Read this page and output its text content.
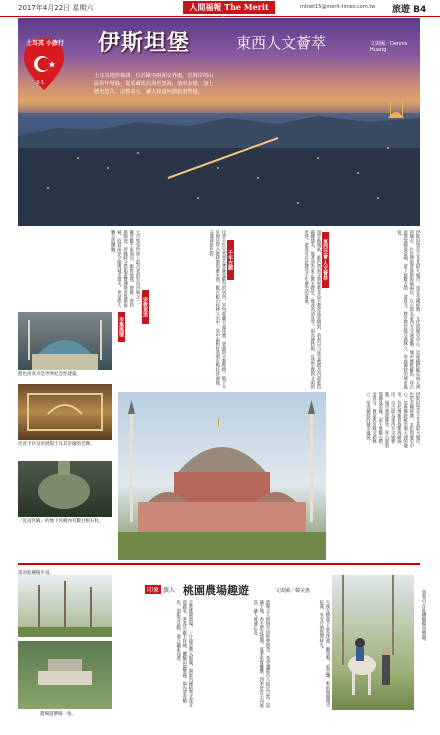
2017年4月22日 星期六	人間福報 The Merit	mtnet15@merit-times.com.tw 旅遊 B4
土耳其 小旅行
3-1
伊斯坦堡	東西人文薈萃	文與圖／Dennis Huang
土耳其地形複雜，位於歐亞兩洲交界處，近海岸的山區常年翠綠；從馬爾馬拉海至黑海，地形多變，加上歷史悠久、宗教多元，讓人知道何謂旅遊聖地。
伊斯坦堡是土耳其最大城市，也是全國經濟、文化與歷史中心。這座橫跨歐亞兩大洲的城市，位於博斯普魯斯海峽兩岸，自古即為東西方交通要衝。城市歷經羅馬、拜占庭與鄂圖曼帝國，留下無數古蹟，清真寺、教堂與宮殿交錯林立，形成獨特的城市風貌。
東西交會 人文薈萃
漫步舊城區，藍色清真寺與聖索菲亞大教堂遙遙相對，前者以六座宣禮塔及內部藍色磁磚聞名，後者原為東正教大教堂，後改為清真寺，現為博物館，見證宗教與文明的更迭。遊客可在此感受千年歷史的厚重。
千年古蹟
托普卡匹皇宮曾是鄂圖曼蘇丹的居所，宮內收藏大量珍寶、瓷器與宗教聖物。地下水宮則是拜占庭時期的蓄水池，數百根石柱林立水中，其中兩根柱基刻有梅杜莎頭像，充滿神祕色彩。
宗教更迭
大市集是世界上最古老的室內市場之一，擁有數千家商店，販售地毯、燈飾、香料與陶瓷。傍晚時分搭船遊覽博斯普魯斯海峽，欣賞兩岸夕陽與城市燈火，更是旅人難忘的體驗。
市集風情
伊斯坦堡是土耳其最大城市，也是全國經濟、文化與歷史中心。這座橫跨歐亞兩大洲的城市，位於博斯普魯斯海峽兩岸，自古即為東西方交通要衝。城市歷經羅馬、拜占庭與鄂圖曼帝國，留下無數古蹟，清真寺、教堂與宮殿交錯林立，形成獨特的城市風貌。
藍色清真寺是世界紀念性建築。
托普卡匹皇宮展現土耳其帝國的光輝。
「沉浸宮殿」的地下宮殿內有數百根石柱。
落羽松種植步道。
農場遊樂場一角。
印象 旅人 桃園農場趣遊	文與圖／韓美惠
走進桃園農場，一片綠意映入眼簾，園區內種植各式花卉與蔬果，遊客可親手採摘，體驗田園樂趣。園內還有騎馬、划船等活動，適合闔家同遊。	農場主人熱情介紹經營理念，希望讓都市人接近自然、認識土地。春天繁花盛開，夏季果實纍纍，四季皆有不同風景，讓人流連忘返。	午後在樹蔭下品茶休憩，聽鳥鳴、看雲飄，暫時拋開城市喧囂，享受片刻悠閒時光。	遊客可在此體驗騎馬樂趣。
